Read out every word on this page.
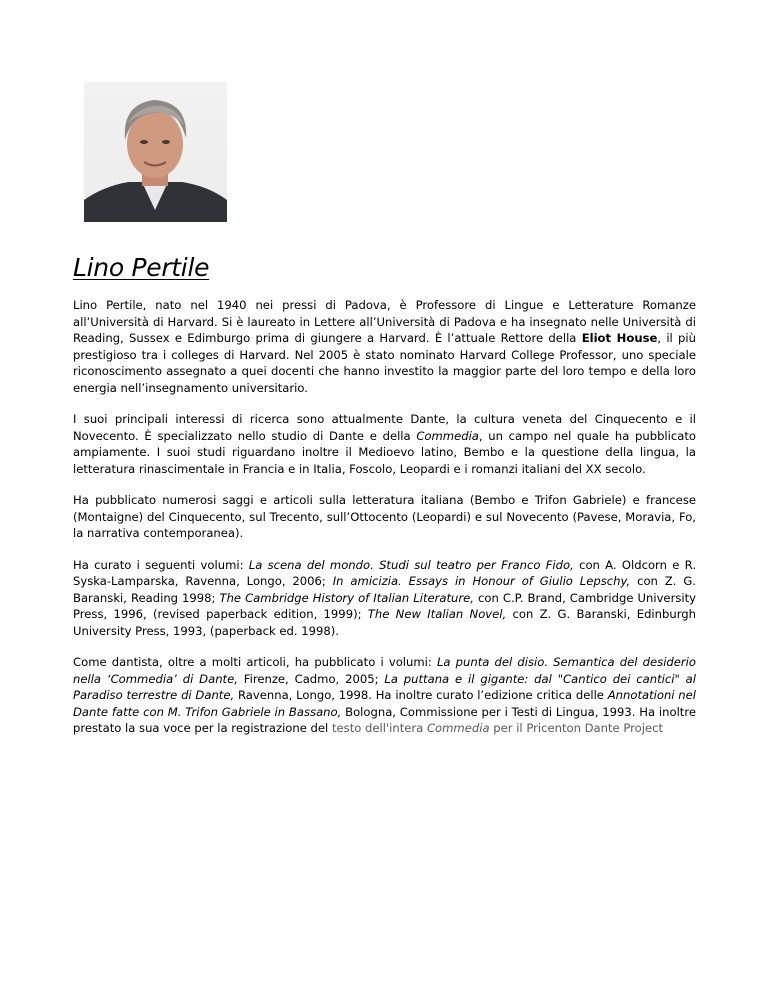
Lino Pertile

Lino Pertile, nato nel 1940 nei pressi di Padova, è Professore di Lingue e Letterature Romanze all’Università di Harvard. Si è laureato in Lettere all’Università di Padova e ha insegnato nelle Università di Reading, Sussex e Edimburgo prima di giungere a Harvard. È l’attuale Rettore della Eliot House, il più prestigioso tra i colleges di Harvard. Nel 2005 è stato nominato Harvard College Professor, uno speciale riconoscimento assegnato a quei docenti che hanno investito la maggior parte del loro tempo e della loro energia nell’insegnamento universitario.

I suoi principali interessi di ricerca sono attualmente Dante, la cultura veneta del Cinquecento e il Novecento. È specializzato nello studio di Dante e della Commedia, un campo nel quale ha pubblicato ampiamente. I suoi studi riguardano inoltre il Medioevo latino, Bembo e la questione della lingua, la letteratura rinascimentale in Francia e in Italia, Foscolo, Leopardi e i romanzi italiani del XX secolo.

Ha pubblicato numerosi saggi e articoli sulla letteratura italiana (Bembo e Trifon Gabriele) e francese (Montaigne) del Cinquecento, sul Trecento, sull’Ottocento (Leopardi) e sul Novecento (Pavese, Moravia, Fo, la narrativa contemporanea).

Ha curato i seguenti volumi: La scena del mondo. Studi sul teatro per Franco Fido, con A. Oldcorn e R. Syska-Lamparska, Ravenna, Longo, 2006; In amicizia. Essays in Honour of Giulio Lepschy, con Z. G. Baranski, Reading 1998; The Cambridge History of Italian Literature, con C.P. Brand, Cambridge University Press, 1996, (revised paperback edition, 1999); The New Italian Novel, con Z. G. Baranski, Edinburgh University Press, 1993, (paperback ed. 1998).

Come dantista, oltre a molti articoli, ha pubblicato i volumi: La punta del disio. Semantica del desiderio nella ‘Commedia’ di Dante, Firenze, Cadmo, 2005; La puttana e il gigante: dal "Cantico dei cantici" al Paradiso terrestre di Dante, Ravenna, Longo, 1998. Ha inoltre curato l’edizione critica delle Annotationi nel Dante fatte con M. Trifon Gabriele in Bassano, Bologna, Commissione per i Testi di Lingua, 1993. Ha inoltre prestato la sua voce per la registrazione del testo dell'intera Commedia per il Pricenton Dante Project
